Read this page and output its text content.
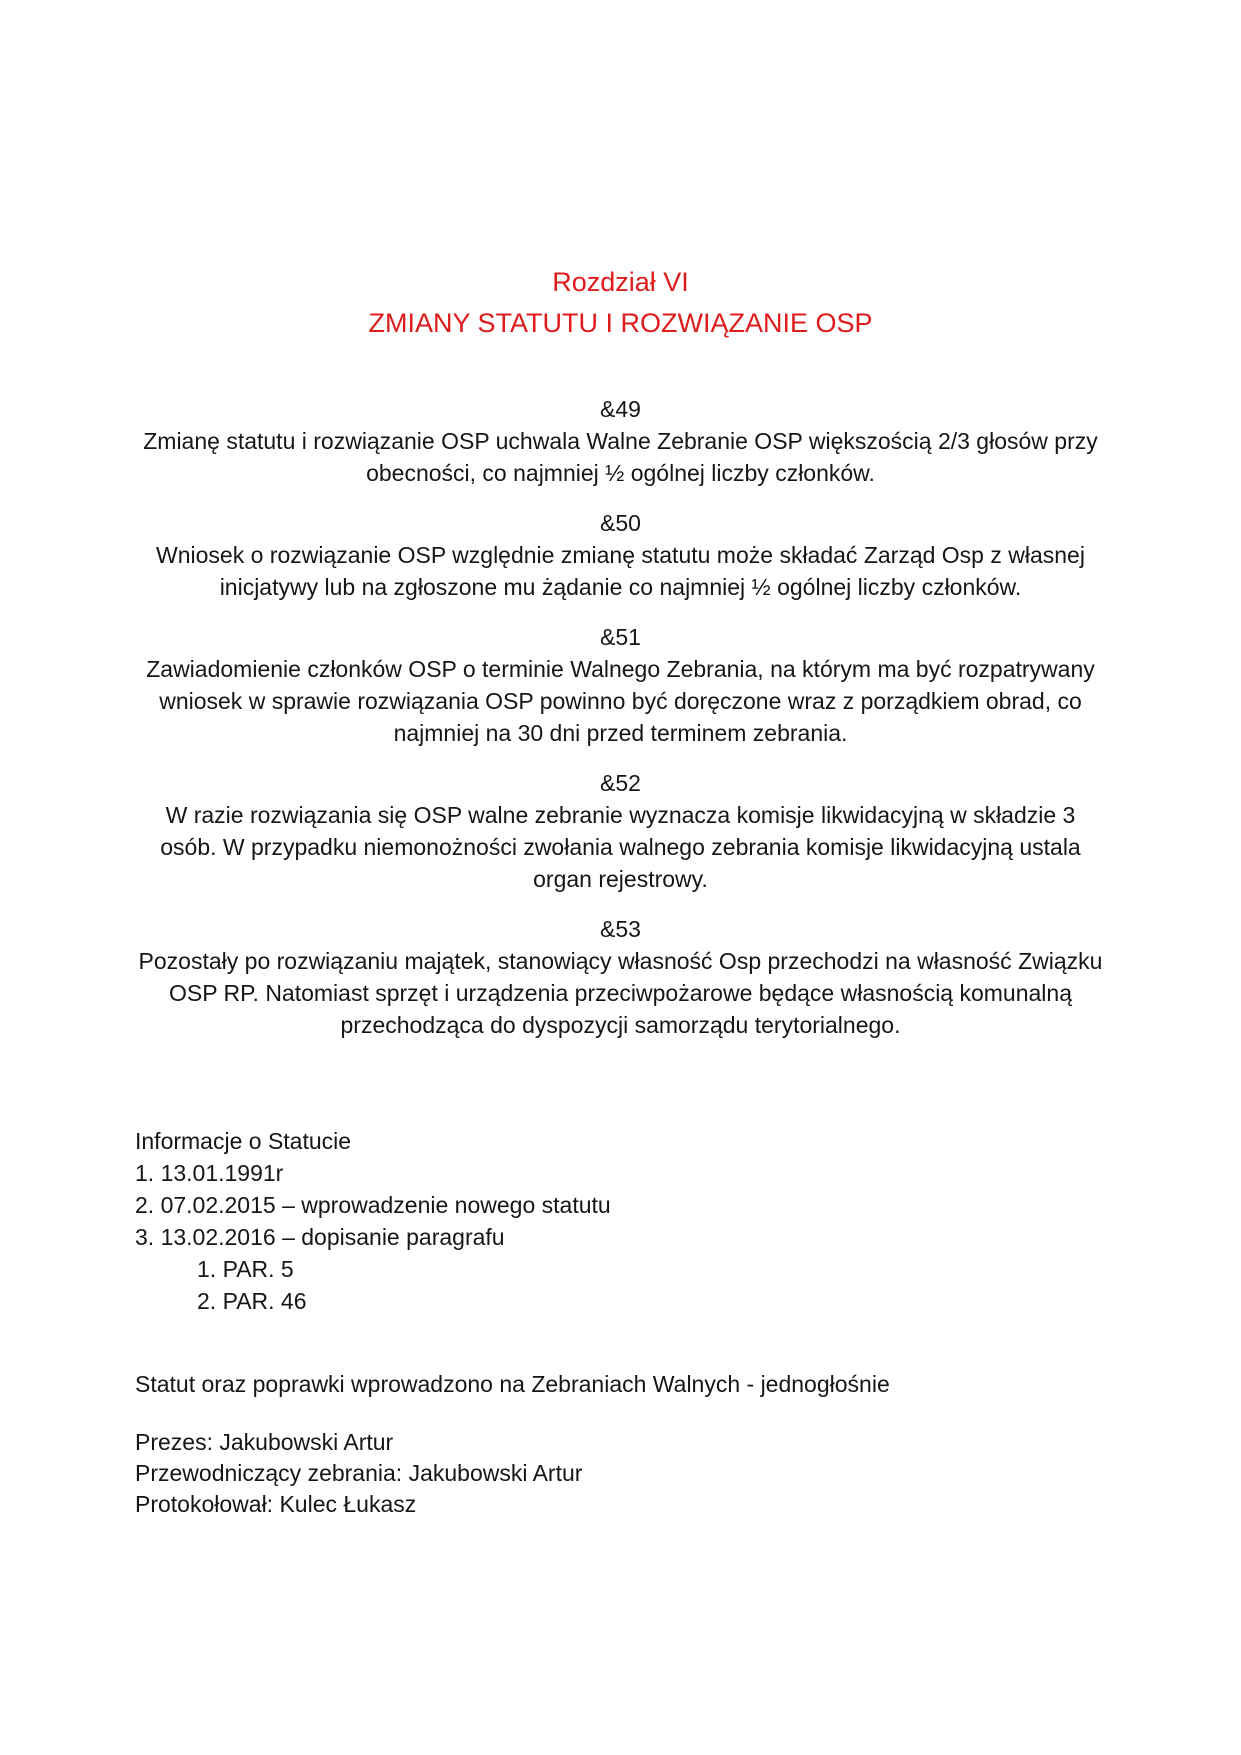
Rozdział VI
ZMIANY STATUTU I ROZWIĄZANIE OSP
&49
Zmianę statutu i rozwiązanie OSP uchwala Walne Zebranie OSP większością 2/3 głosów przy obecności, co najmniej ½ ogólnej liczby członków.
&50
Wniosek o rozwiązanie OSP względnie zmianę statutu może składać Zarząd Osp z własnej inicjatywy lub na zgłoszone mu żądanie co najmniej ½ ogólnej liczby członków.
&51
Zawiadomienie członków OSP o terminie Walnego Zebrania, na którym ma być rozpatrywany wniosek w sprawie rozwiązania OSP powinno być doręczone wraz z porządkiem obrad, co najmniej na 30 dni przed terminem zebrania.
&52
W razie rozwiązania się OSP walne zebranie wyznacza komisje likwidacyjną w składzie 3 osób. W przypadku niemonożności zwołania walnego zebrania komisje likwidacyjną ustala organ rejestrowy.
&53
Pozostały po rozwiązaniu majątek, stanowiący własność Osp przechodzi na własność Związku OSP RP. Natomiast sprzęt i urządzenia przeciwpożarowe będące własnością komunalną przechodząca do dyspozycji samorządu terytorialnego.
Informacje o Statucie
1. 13.01.1991r
2. 07.02.2015 – wprowadzenie nowego statutu
3. 13.02.2016 – dopisanie paragrafu
1. PAR. 5
2. PAR. 46
Statut oraz poprawki wprowadzono na Zebraniach Walnych - jednogłośnie
Prezes: Jakubowski Artur
Przewodniczący zebrania: Jakubowski Artur
Protokołował: Kulec Łukasz
